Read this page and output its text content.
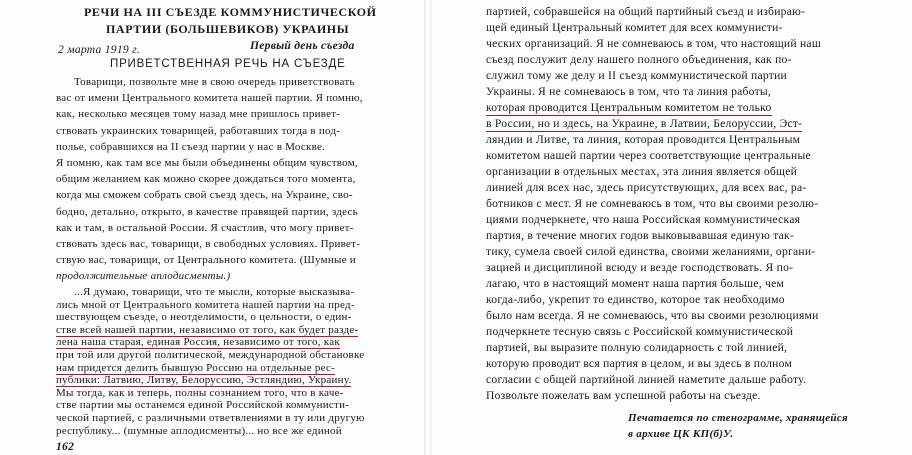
РЕЧИ НА III СЪЕЗДЕ КОММУНИСТИЧЕСКОЙ
ПАРТИИ (БОЛЬШЕВИКОВ) УКРАИНЫ
2 марта 1919 г.	Первый день съезда
ПРИВЕТСТВЕННАЯ РЕЧЬ НА СЪЕЗДЕ
Товарищи, позвольте мне в свою очередь приветствовать
вас от имени Центрального комитета нашей партии. Я помню,
как, несколько месяцев тому назад мне пришлось привет-
ствовать украинских товарищей, работавших тогда в под-
полье, собравшихся на II съезд партии у нас в Москве.
Я помню, как там все мы были объединены общим чувством,
общим желанием как можно скорее дождаться того момента,
когда мы сможем собрать свой съезд здесь, на Украине, сво-
бодно, детально, открыто, в качестве правящей партии, здесь
как и там, в остальной России. Я счастлив, что могу привет-
ствовать здесь вас, товарищи, в свободных условиях. Привет-
ствую вас, товарищи, от Центрального комитета. (Шумные и
продолжительные аплодисменты.)
...Я думаю, товарищи, что те мысли, которые высказыва-
лись мной от Центрального комитета нашей партии на пред-
шествующем съезде, о неотделимости, о цельности, о един-
стве всей нашей партии, независимо от того, как будет разде-
лена наша старая, единая Россия, независимо от того, как
при той или другой политической, международной обстановке
нам придется делить бывшую Россию на отдельные рес-
публики: Латвию, Литву, Белоруссию, Эстляндию, Украину.
Мы тогда, как и теперь, полны сознанием того, что в каче-
стве партии мы останемся единой Российской коммунисти-
ческой партией, с различными ответвлениями в ту или другую
республику... (шумные аплодисменты)... но все же единой
162
партией, собравшейся на общий партийный съезд и избираю-
щей единый Центральный комитет для всех коммунисти-
ческих организаций. Я не сомневаюсь в том, что настоящий наш
съезд послужит делу нашего полного объединения, как по-
служил тому же делу и II съезд коммунистической партии
Украины. Я не сомневаюсь в том, что та линия работы,
которая проводится Центральным комитетом не только
в России, но и здесь, на Украине, в Латвии, Белоруссии, Эст-
ляндии и Литве, та линия, которая проводится Центральным
комитетом нашей партии через соответствующие центральные
организации в отдельных местах, эта линия является общей
линией для всех нас, здесь присутствующих, для всех вас, ра-
ботников с мест. Я не сомневаюсь в том, что вы своими резолю-
циями подчеркнете, что наша Российская коммунистическая
партия, в течение многих годов выковывавшая единую так-
тику, сумела своей силой единства, своими желаниями, органи-
зацией и дисциплиной всюду и везде господствовать. Я по-
лагаю, что в настоящий момент наша партия больше, чем
когда-либо, укрепит то единство, которое так необходимо
было нам всегда. Я не сомневаюсь, что вы своими резолюциями
подчеркнете тесную связь с Российской коммунистической
партией, вы выразите полную солидарность с той линией,
которую проводит вся партия в целом, и вы здесь в полном
согласии с общей партийной линией наметите дальше работу.
Позвольте пожелать вам успешной работы на съезде.
Печатается по стенограмме, хранящейся
в архиве ЦК КП(б)У.
